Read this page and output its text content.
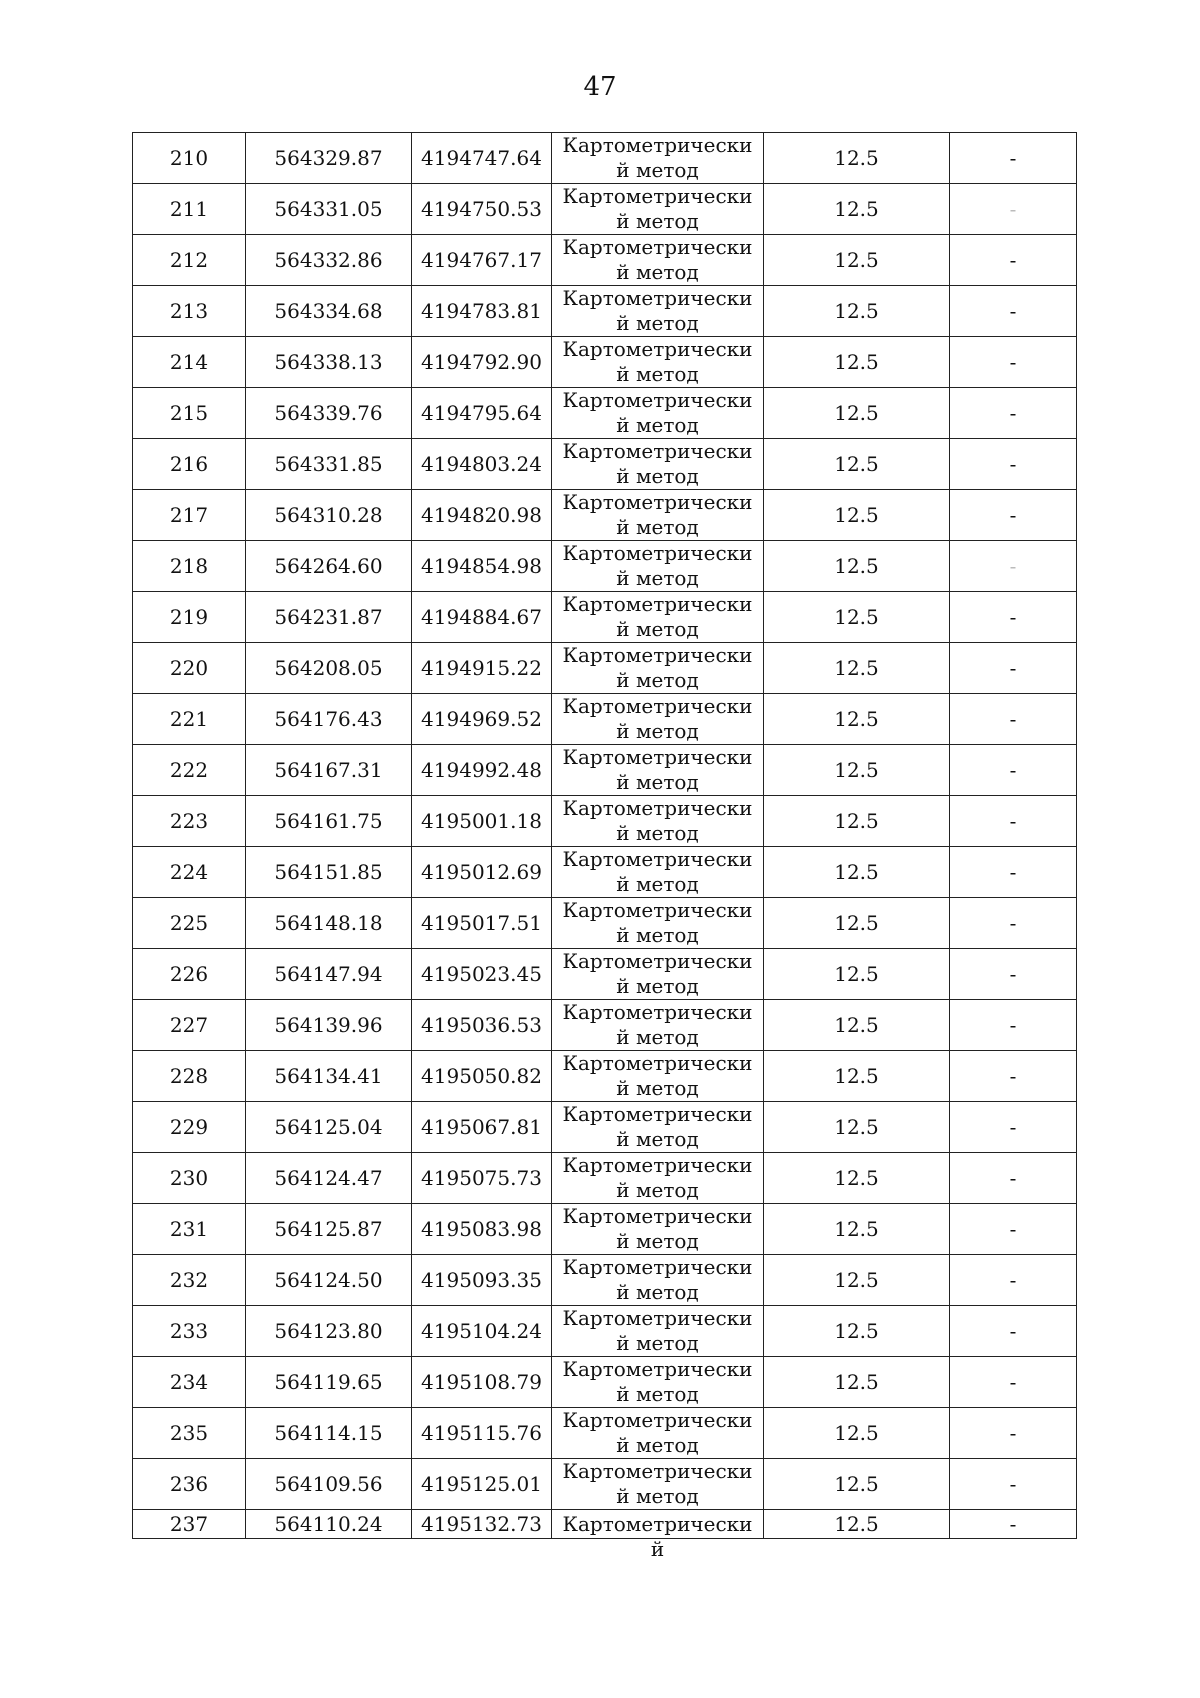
47
210	564329.87	4194747.64	Картометрический метод	12.5	-
211	564331.05	4194750.53	Картометрический метод	12.5	-
212	564332.86	4194767.17	Картометрический метод	12.5	-
213	564334.68	4194783.81	Картометрический метод	12.5	-
214	564338.13	4194792.90	Картометрический метод	12.5	-
215	564339.76	4194795.64	Картометрический метод	12.5	-
216	564331.85	4194803.24	Картометрический метод	12.5	-
217	564310.28	4194820.98	Картометрический метод	12.5	-
218	564264.60	4194854.98	Картометрический метод	12.5	-
219	564231.87	4194884.67	Картометрический метод	12.5	-
220	564208.05	4194915.22	Картометрический метод	12.5	-
221	564176.43	4194969.52	Картометрический метод	12.5	-
222	564167.31	4194992.48	Картометрический метод	12.5	-
223	564161.75	4195001.18	Картометрический метод	12.5	-
224	564151.85	4195012.69	Картометрический метод	12.5	-
225	564148.18	4195017.51	Картометрический метод	12.5	-
226	564147.94	4195023.45	Картометрический метод	12.5	-
227	564139.96	4195036.53	Картометрический метод	12.5	-
228	564134.41	4195050.82	Картометрический метод	12.5	-
229	564125.04	4195067.81	Картометрический метод	12.5	-
230	564124.47	4195075.73	Картометрический метод	12.5	-
231	564125.87	4195083.98	Картометрический метод	12.5	-
232	564124.50	4195093.35	Картометрический метод	12.5	-
233	564123.80	4195104.24	Картометрический метод	12.5	-
234	564119.65	4195108.79	Картометрический метод	12.5	-
235	564114.15	4195115.76	Картометрический метод	12.5	-
236	564109.56	4195125.01	Картометрический метод	12.5	-
237	564110.24	4195132.73	Картометрический	12.5	-
